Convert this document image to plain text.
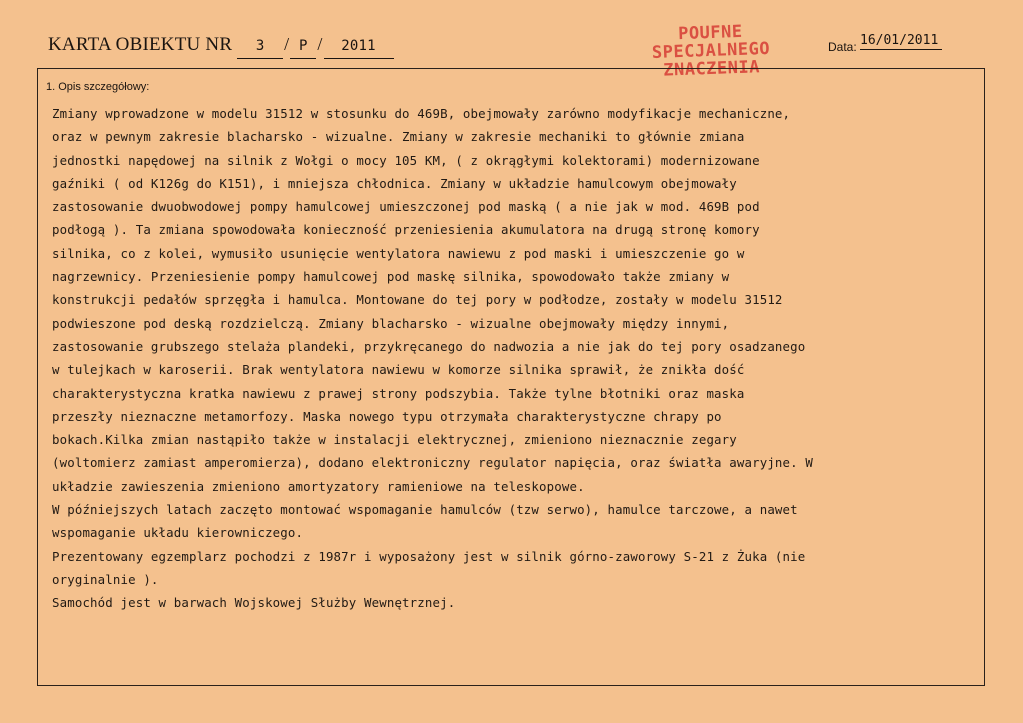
KARTA OBIEKTU NR 3 / P / 2011
POUFNE
SPECJALNEGO
ZNACZENIA
Data: 16/01/2011
1. Opis szczegółowy:
Zmiany wprowadzone w modelu 31512 w stosunku do 469B, obejmowały zarówno modyfikacje mechaniczne,
oraz w pewnym zakresie blacharsko - wizualne. Zmiany w zakresie mechaniki to głównie zmiana
jednostki napędowej na silnik z Wołgi o mocy 105 KM, ( z okrągłymi kolektorami) modernizowane
gaźniki ( od K126g do K151), i mniejsza chłodnica. Zmiany w układzie hamulcowym obejmowały
zastosowanie dwuobwodowej pompy hamulcowej umieszczonej pod maską ( a nie jak w mod. 469B pod
podłogą ). Ta zmiana spowodowała konieczność przeniesienia akumulatora na drugą stronę komory
silnika, co z kolei, wymusiło usunięcie wentylatora nawiewu z pod maski i umieszczenie go w
nagrzewnicy. Przeniesienie pompy hamulcowej pod maskę silnika, spowodowało także zmiany w
konstrukcji pedałów sprzęgła i hamulca. Montowane do tej pory w podłodze, zostały w modelu 31512
podwieszone pod deską rozdzielczą. Zmiany blacharsko - wizualne obejmowały między innymi,
zastosowanie grubszego stelaża plandeki, przykręcanego do nadwozia a nie jak do tej pory osadzanego
w tulejkach w karoserii. Brak wentylatora nawiewu w komorze silnika sprawił, że znikła dość
charakterystyczna kratka nawiewu z prawej strony podszybia. Także tylne błotniki oraz maska
przeszły nieznaczne metamorfozy. Maska nowego typu otrzymała charakterystyczne chrapy po
bokach.Kilka zmian nastąpiło także w instalacji elektrycznej, zmieniono nieznacznie zegary
(woltomierz zamiast amperomierza), dodano elektroniczny regulator napięcia, oraz światła awaryjne. W
układzie zawieszenia zmieniono amortyzatory ramieniowe na teleskopowe.
W późniejszych latach zaczęto montować wspomaganie hamulców (tzw serwo), hamulce tarczowe, a nawet
wspomaganie układu kierowniczego.
Prezentowany egzemplarz pochodzi z 1987r i wyposażony jest w silnik górno-zaworowy S-21 z Żuka (nie
oryginalnie ).
Samochód jest w barwach Wojskowej Służby Wewnętrznej.
